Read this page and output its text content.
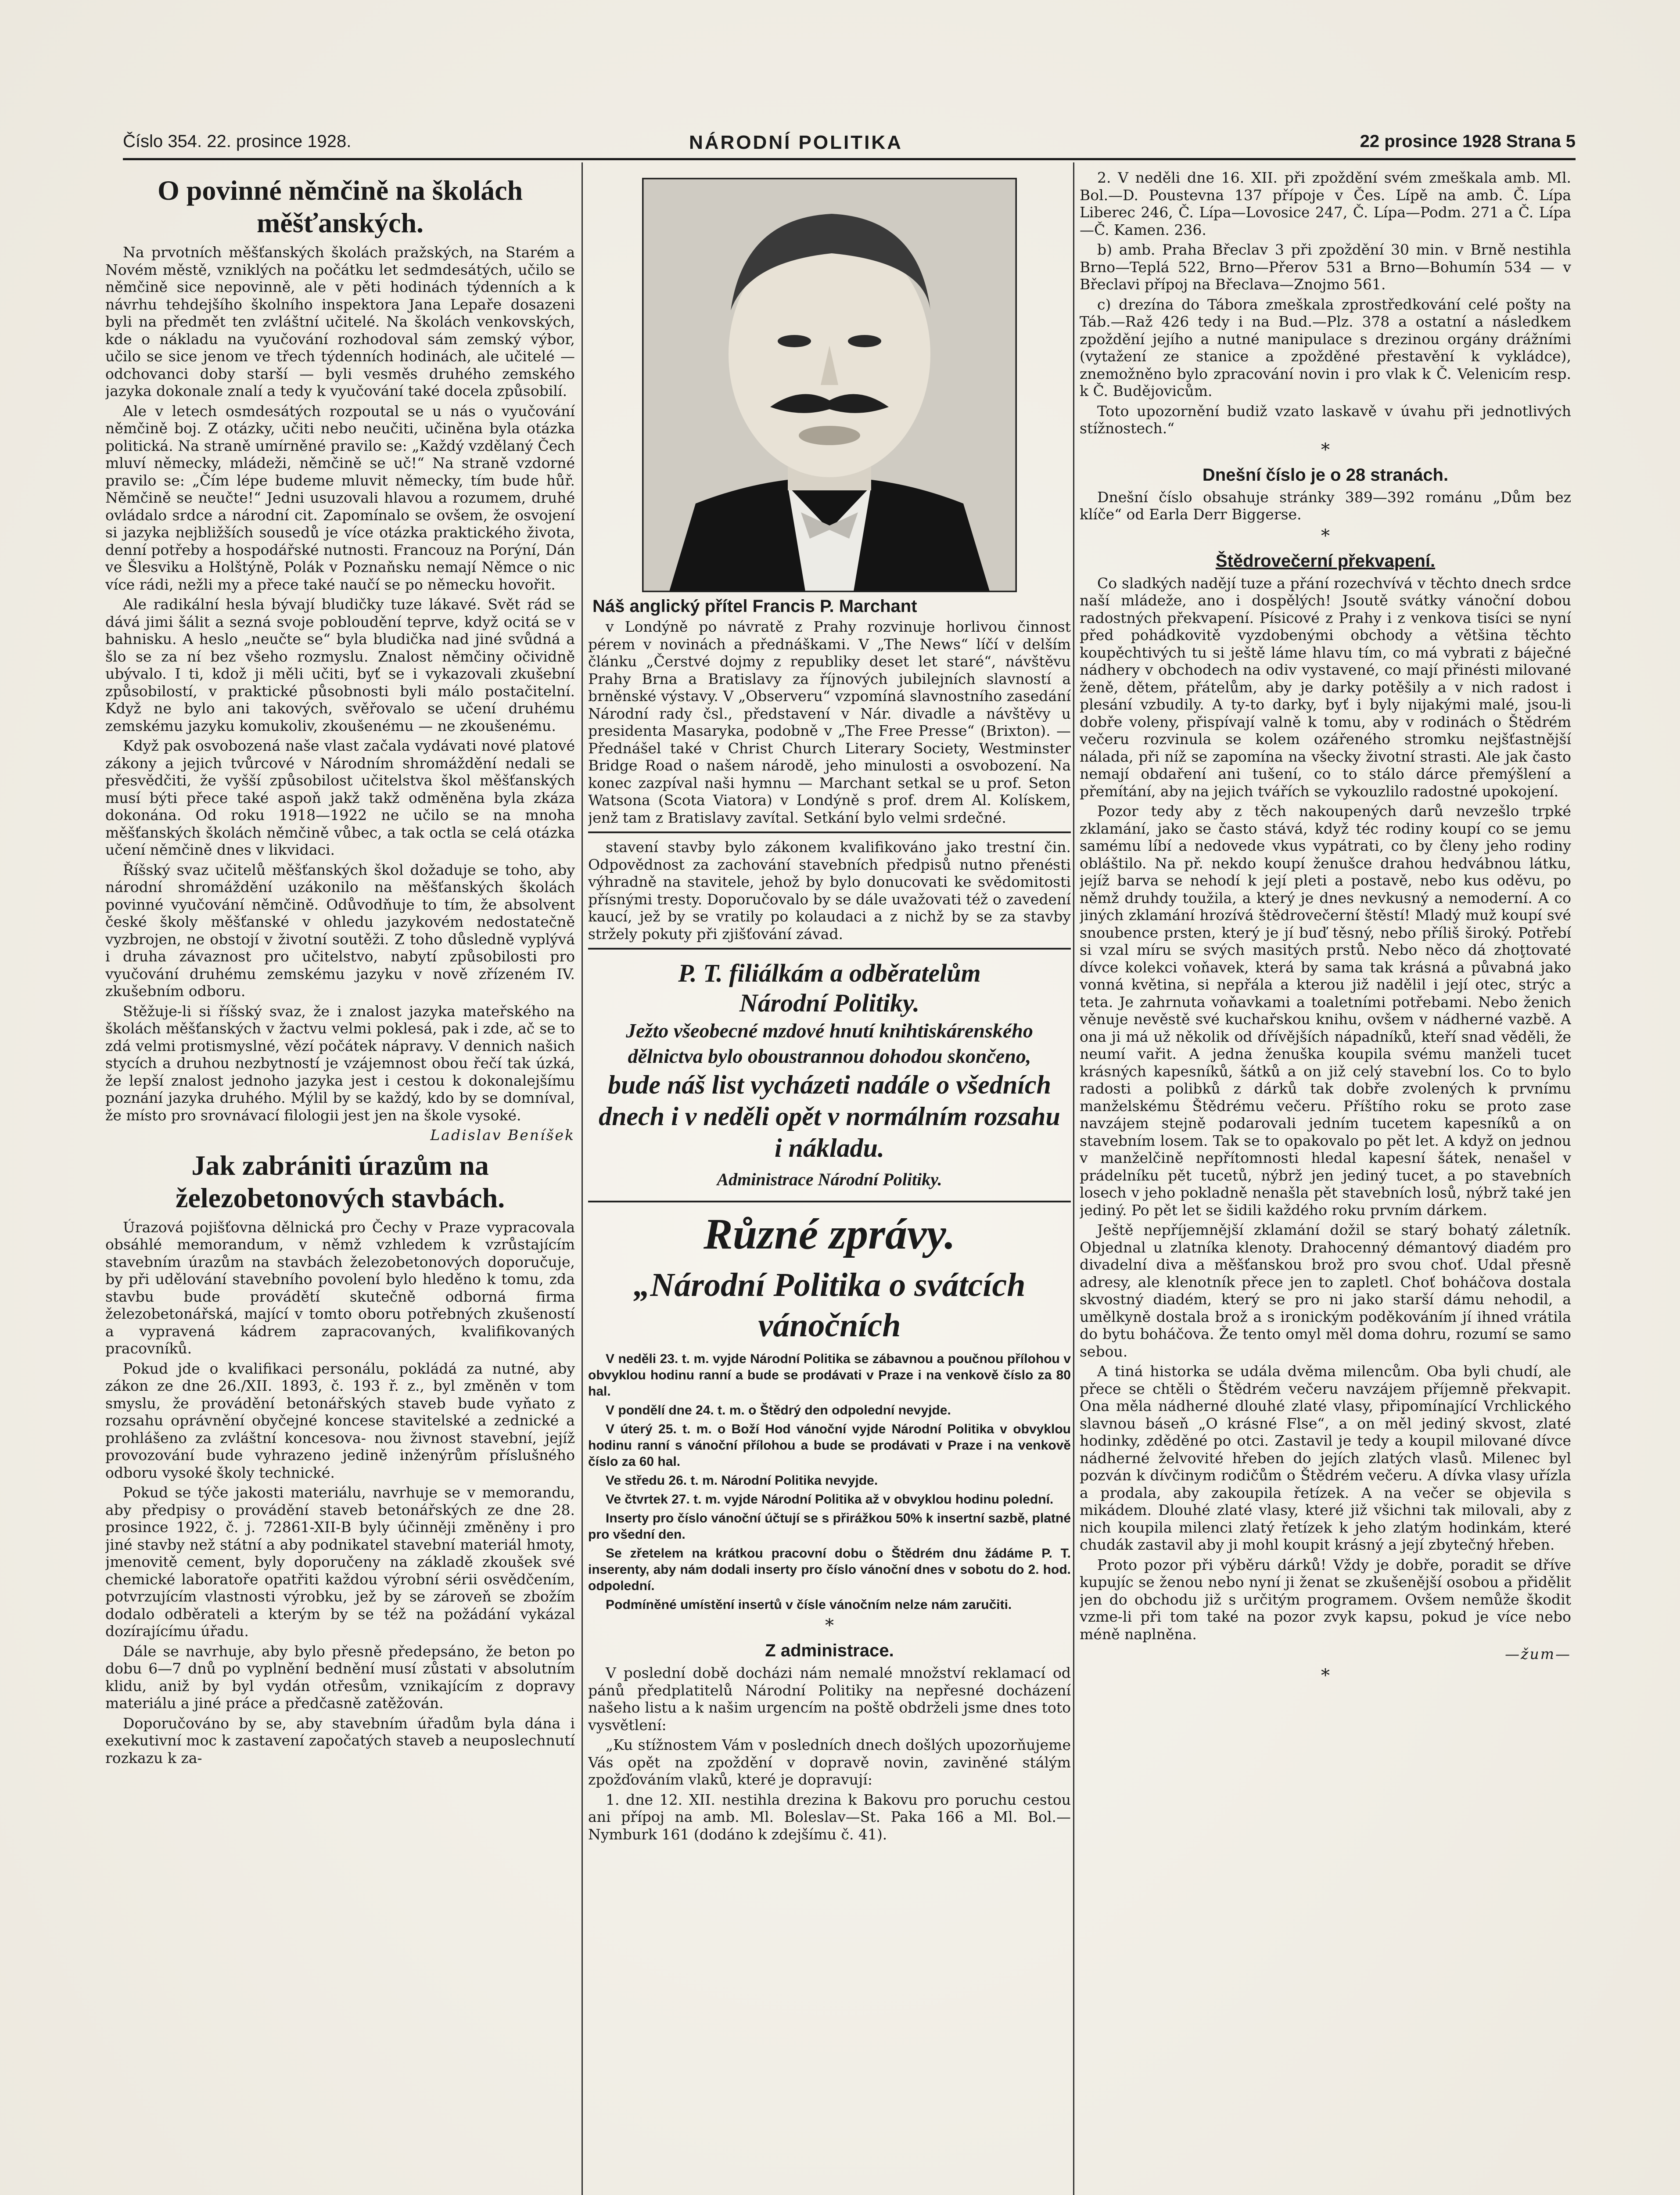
Číslo 354. 22. prosince 1928.	NÁRODNÍ POLITIKA	22 prosince 1928 Strana 5
O povinné němčině na školách měšťanských.

Na prvotních měšťanských školách pražských, na Starém a Novém městě, vzniklých na počátku let sedmdesátých, učilo se němčině sice nepovinně, ale v pěti hodinách týdenních a k návrhu tehdejšího školního inspektora Jana Lepaře dosazeni byli na předmět ten zvláštní učitelé. Na školách venkovských, kde o nákladu na vyučování rozhodoval sám zemský výbor, učilo se sice jenom ve třech týdenních hodinách, ale učitelé — odchovanci doby starší — byli vesměs druhého zemského jazyka dokonale znalí a tedy k vyučování také docela způsobilí.

Ale v letech osmdesátých rozpoutal se u nás o vyučování němčině boj. Z otázky, učiti nebo neučiti, učiněna byla otázka politická. Na straně umírněné pravilo se: „Každý vzdělaný Čech mluví německy, mládeži, němčině se uč!“ Na straně vzdorné pravilo se: „Čím lépe budeme mluvit německy, tím bude hůř. Němčině se neučte!“ Jedni usuzovali hlavou a rozumem, druhé ovládalo srdce a národní cit. Zapomínalo se ovšem, že osvojení si jazyka nejbližších sousedů je více otázka praktického života, denní potřeby a hospodářské nutnosti. Francouz na Porýní, Dán ve Šlesviku a Holštýně, Polák v Poznaňsku nemají Němce o nic více rádi, nežli my a přece také naučí se po německu hovořit.

Ale radikální hesla bývají bludičky tuze lákavé. Svět rád se dává jimi šálit a sezná svoje pobloudění teprve, když ocitá se v bahnisku. A heslo „neučte se“ byla bludička nad jiné svůdná a šlo se za ní bez všeho rozmyslu. Znalost němčiny očividně ubývalo. I ti, kdož ji měli učiti, byť se i vykazovali zkušební způsobilostí, v praktické působnosti byli málo postačitelní. Když ne bylo ani takových, svěřovalo se učení druhému zemskému jazyku komukoliv, zkoušenému — ne zkoušenému.

Když pak osvobozená naše vlast začala vydávati nové platové zákony a jejich tvůrcové v Národním shromáždění nedali se přesvědčiti, že vyšší způsobilost učitelstva škol měšťanských musí býti přece také aspoň jakž takž odměněna byla zkáza dokonána. Od roku 1918—1922 ne učilo se na mnoha měšťanských školách němčině vůbec, a tak octla se celá otázka učení němčině dnes v likvidaci.

Říšský svaz učitelů měšťanských škol dožaduje se toho, aby národní shromáždění uzákonilo na měšťanských školách povinné vyučování němčině. Odůvodňuje to tím, že absolvent české školy měšťanské v ohledu jazykovém nedostatečně vyzbrojen, ne obstojí v životní soutěži. Z toho důsledně vyplývá i druha závaznost pro učitelstvo, nabytí způsobilosti pro vyučování druhému zemskému jazyku v nově zřízeném IV. zkušebním odboru.

Stěžuje-li si říšský svaz, že i znalost jazyka mateřského na školách měšťanských v žactvu velmi poklesá, pak i zde, ač se to zdá velmi protismyslné, vězí počátek nápravy. V dennich našich stycích a druhou nezbytností je vzájemnost obou řečí tak úzká, že lepší znalost jednoho jazyka jest i cestou k dokonalejšímu poznání jazyka druhého. Mýlil by se každý, kdo by se domníval, že místo pro srovnávací filologii jest jen na škole vysoké.

Ladislav Beníšek

Jak zabrániti úrazům na železobetonových stavbách.

Úrazová pojišťovna dělnická pro Čechy v Praze vypracovala obsáhlé memorandum, v němž vzhledem k vzrůstajícím stavebním úrazům na stavbách železobetonových doporučuje, by při udělování stavebního povolení bylo hleděno k tomu, zda stavbu bude provádětí skutečně odborná firma železobetonářská, mající v tomto oboru potřebných zkušeností a vypravená kádrem zapracovaných, kvalifikovaných pracovníků.

Pokud jde o kvalifikaci personálu, pokládá za nutné, aby zákon ze dne 26./XII. 1893, č. 193 ř. z., byl změněn v tom smyslu, že provádění betonářských staveb bude vyňato z rozsahu oprávnění obyčejné koncese stavitelské a zednické a prohlášeno za zvláštní koncesova- nou živnost stavební, jejíž provozování bude vyhrazeno jedině inženýrům příslušného odboru vysoké školy technické.

Pokud se týče jakosti materiálu, navrhuje se v memorandu, aby předpisy o provádění staveb betonářských ze dne 28. prosince 1922, č. j. 72861-XII-B byly účinněji změněny i pro jiné stavby než státní a aby podnikatel stavební materiál hmoty, jmenovitě cement, byly doporučeny na základě zkoušek své chemické laboratoře opatřiti každou výrobní sérii osvědčením, potvrzujícím vlastnosti výrobku, jež by se zároveň se zbožím dodalo odběrateli a kterým by se též na požádání vykázal dozírajícímu úřadu.

Dále se navrhuje, aby bylo přesně předepsáno, že beton po dobu 6—7 dnů po vyplnění bednění musí zůstati v absolutním klidu, aniž by byl vydán otřesům, vznikajícím z dopravy materiálu a jiné práce a předčasně zatěžován.

Doporučováno by se, aby stavebním úřadům byla dána i exekutivní moc k zastavení započatých staveb a neuposlechnutí rozkazu k za-

Náš anglický přítel Francis P. Marchant

v Londýně po návratě z Prahy rozvinuje horlivou činnost pérem v novinách a přednáškami. V „The News“ líčí v delším článku „Čerstvé dojmy z republiky deset let staré“, návštěvu Prahy Brna a Bratislavy za říjnových jubilejních slavností a brněnské výstavy. V „Observeru“ vzpomíná slavnostního zasedání Národní rady čsl., představení v Nár. divadle a návštěvy u presidenta Masaryka, podobně v „The Free Presse“ (Brixton). — Přednášel také v Christ Church Literary Society, Westminster Bridge Road o našem národě, jeho minulosti a osvobození. Na konec zazpíval naši hymnu — Marchant setkal se u prof. Seton Watsona (Scota Viatora) v Londýně s prof. drem Al. Kolískem, jenž tam z Bratislavy zavítal. Setkání bylo velmi srdečné.

stavení stavby bylo zákonem kvalifikováno jako trestní čin. Odpovědnost za zachování stavebních předpisů nutno přenésti výhradně na stavitele, jehož by bylo donucovati ke svědomitosti přísnými tresty. Doporučovalo by se dále uvažovati též o zavedení kaucí, jež by se vratily po kolaudaci a z nichž by se za stavby stržely pokuty při zjišťování závad.

P. T. filiálkám a odběratelům
Národní Politiky.
Ježto všeobecné mzdové hnutí knihtiskárenského dělnictva bylo oboustrannou dohodou skončeno,
bude náš list vycházeti nadále o všedních dnech i v neděli opět v normálním rozsahu i nákladu.
Administrace Národní Politiky.
Různé zprávy.
„Národní Politika o svátcích vánočních

V neděli 23. t. m. vyjde Národní Politika se zábavnou a poučnou přílohou v obvyklou hodinu ranní a bude se prodávati v Praze i na venkově číslo za 80 hal.

V pondělí dne 24. t. m. o Štědrý den odpolední nevyjde.

V úterý 25. t. m. o Boží Hod vánoční vyjde Národní Politika v obvyklou hodinu ranní s vánoční přílohou a bude se prodávati v Praze i na venkově číslo za 60 hal.

Ve středu 26. t. m. Národní Politika nevyjde.

Ve čtvrtek 27. t. m. vyjde Národní Politika až v obvyklou hodinu polední.

Inserty pro číslo vánoční účtují se s přirážkou 50% k insertní sazbě, platné pro všední den.

Se zřetelem na krátkou pracovní dobu o Štědrém dnu žádáme P. T. inserenty, aby nám dodali inserty pro číslo vánoční dnes v sobotu do 2. hod. odpolední.

Podmíněné umístění insertů v čísle vánočním nelze nám zaručiti.

*
Z administrace.

V poslední době docházi nám nemalé množství reklamací od pánů předplatitelů Národní Politiky na nepřesné docházení našeho listu a k našim urgencím na poště obdrželi jsme dnes toto vysvětlení:

„Ku stížnostem Vám v posledních dnech došlých upozorňujeme Vás opět na zpoždění v dopravě novin, zaviněné stálým zpožďováním vlaků, které je dopravují:

1. dne 12. XII. nestihla drezina k Bakovu pro poruchu cestou ani přípoj na amb. Ml. Boleslav—St. Paka 166 a Ml. Bol.—Nymburk 161 (dodáno k zdejšímu č. 41).

2. V neděli dne 16. XII. při zpoždění svém zmeškala amb. Ml. Bol.—D. Poustevna 137 přípoje v Čes. Lípě na amb. Č. Lípa Liberec 246, Č. Lípa—Lovosice 247, Č. Lípa—Podm. 271 a Č. Lípa—Č. Kamen. 236.

b) amb. Praha Břeclav 3 při zpoždění 30 min. v Brně nestihla Brno—Teplá 522, Brno—Přerov 531 a Brno—Bohumín 534 — v Břeclavi přípoj na Břeclava—Znojmo 561.

c) drezína do Tábora zmeškala zprostředkování celé pošty na Táb.—Raž 426 tedy i na Bud.—Plz. 378 a ostatní a následkem zpoždění jejího a nutné manipulace s drezinou orgány drážními (vytažení ze stanice a zpožděné přestavění k vykládce), znemožněno bylo zpracování novin i pro vlak k Č. Velenicím resp. k Č. Budějovicům.

Toto upozornění budiž vzato laskavě v úvahu při jednotlivých stížnostech.“

*
Dnešní číslo je o 28 stranách.

Dnešní číslo obsahuje stránky 389—392 románu „Dům bez klíče“ od Earla Derr Biggerse.

*
Štědrovečerní překvapení.

Co sladkých nadějí tuze a přání rozechvívá v těchto dnech srdce naší mládeže, ano i dospělých! Jsoutě svátky vánoční dobou radostných překvapení. Písicové z Prahy i z venkova tisíci se nyní před pohádkovitě vyzdobenými obchody a většina těchto koupěchtivých tu si ještě láme hlavu tím, co má vybrati z báječné nádhery v obchodech na odiv vystavené, co mají přinésti milované ženě, dětem, přátelům, aby je darky potěšily a v nich radost i plesání vzbudily. A ty-to darky, byť i byly nijakými malé, jsou-li dobře voleny, přispívají valně k tomu, aby v rodinách o Štědrém večeru rozvinula se kolem ozářeného stromku nejšťastnější nálada, při níž se zapomína na všecky životní strasti. Ale jak často nemají obdaření ani tušení, co to stálo dárce přemýšlení a přemítání, aby na jejich tvářích se vykouzlilo radostné upokojení.

Pozor tedy aby z těch nakoupených darů nevzešlo trpké zklamání, jako se často stává, když téc rodiny koupí co se jemu samému líbí a nedovede vkus vypátrati, co by členy jeho rodiny obláštilo. Na př. nekdo koupí ženušce drahou hedvábnou látku, jejíž barva se nehodí k její pleti a postavě, nebo kus oděvu, po němž druhdy toužila, a který je dnes nevkusný a nemoderní. A co jiných zklamání hrozívá štědrovečerní štěstí! Mladý muž koupí své snoubence prsten, který je jí buď těsný, nebo příliš široký. Potřebí si vzal míru se svých masitých prstů. Nebo něco dá zhoţtovaté dívce kolekci voňavek, která by sama tak krásná a půvabná jako vonná květina, si nepřála a kterou již nadělil i její otec, strýc a teta. Je zahrnuta voňavkami a toaletními potřebami. Nebo ženich věnuje nevěstě své kuchařskou knihu, ovšem v nádherné vazbě. A ona ji má už několik od dřívějších nápadníků, kteří snad věděli, že neumí vařit. A jedna ženuška koupila svému manželi tucet krásných kapesníků, šátků a on již celý stavební los. Co to bylo radosti a polibků z dárků tak dobře zvolených k prvnímu manželskému Štědrému večeru. Příštího roku se proto zase navzájem stejně podarovali jedním tucetem kapesníků a on stavebním losem. Tak se to opakovalo po pět let. A když on jednou v manželčině nepřítomnosti hledal kapesní šátek, nenašel v prádelníku pět tucetů, nýbrž jen jediný tucet, a po stavebních losech v jeho pokladně nenašla pět stavebních losů, nýbrž také jen jediný. Po pět let se šidili každého roku prvním dárkem.

Ještě nepříjemnější zklamání dožil se starý bohatý záletník. Objednal u zlatníka klenoty. Drahocenný démantový diadém pro divadelní diva a měšťanskou brož pro svou choť. Udal přesně adresy, ale klenotník přece jen to zapletl. Choť boháčova dostala skvostný diadém, který se pro ni jako starší dámu nehodil, a umělkyně dostala brož a s ironickým poděkováním jí ihned vrátila do bytu boháčova. Že tento omyl měl doma dohru, rozumí se samo sebou.

A tiná historka se udála dvěma milencům. Oba byli chudí, ale přece se chtěli o Štědrém večeru navzájem příjemně překvapit. Ona měla nádherné dlouhé zlaté vlasy, připomínající Vrchlického slavnou báseň „O krásné Flse“, a on měl jediný skvost, zlaté hodinky, zděděné po otci. Zastavil je tedy a koupil milované dívce nádherné želvovité hřeben do jejích zlatých vlasů. Milenec byl pozván k dívčinym rodičům o Štědrém večeru. A dívka vlasy uřízla a prodala, aby zakoupila řetízek. A na večer se objevila s mikádem. Dlouhé zlaté vlasy, které již všichni tak milovali, aby z nich koupila milenci zlatý řetízek k jeho zlatým hodinkám, které chudák zastavil aby ji mohl koupit krásný a její zbytečný hřeben.

Proto pozor při výběru dárků! Vždy je dobře, poradit se dříve kupujíc se ženou nebo nyní ji ženat se zkušenější osobou a přidělit jen do obchodu již s určitým programem. Ovšem nemůže škodit vzme-li při tom také na pozor zvyk kapsu, pokud je více nebo méně naplněna.

—žum—

*
